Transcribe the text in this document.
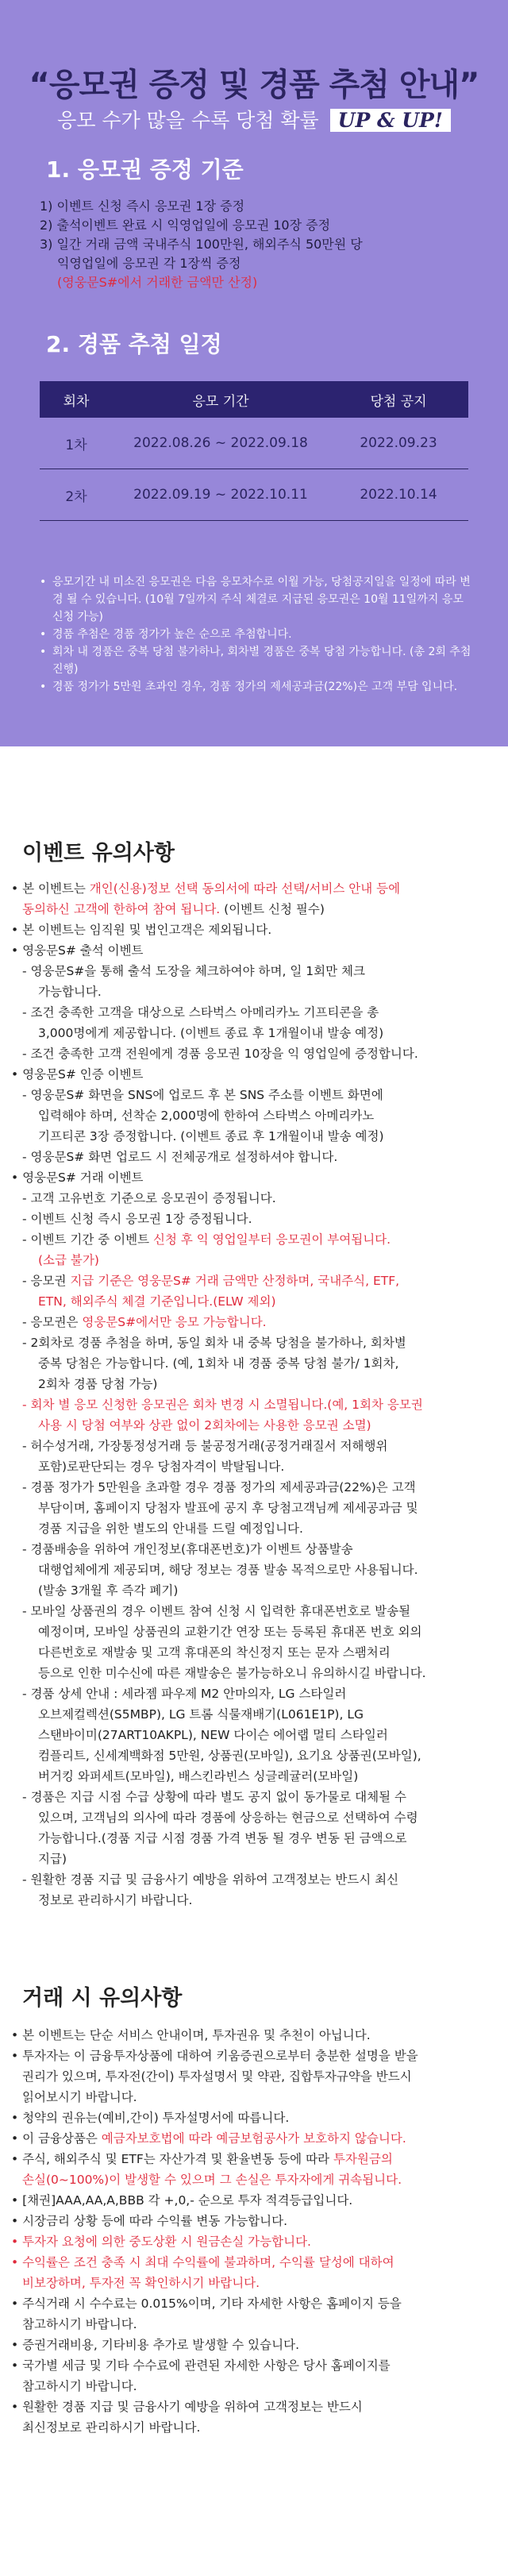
“응모권 증정 및 경품 추첨 안내”
응모 수가 많을 수록 당첨 확률 UP & UP!
1. 응모권 증정 기준
1) 이벤트 신청 즉시 응모권 1장 증정
2) 출석이벤트 완료 시 익영업일에 응모권 10장 증정
3) 일간 거래 금액 국내주식 100만원, 해외주식 50만원 당
익영업일에 응모권 각 1장씩 증정
(영웅문S#에서 거래한 금액만 산정)
2. 경품 추첨 일정
회차	응모 기간	당첨 공지
1차	2022.08.26 ~ 2022.09.18	2022.09.23
2차	2022.09.19 ~ 2022.10.11	2022.10.14
• 응모기간 내 미소진 응모권은 다음 응모차수로 이월 가능, 당첨공지일을 일정에 따라 변경 될 수 있습니다. (10월 7일까지 주식 체결로 지급된 응모권은 10월 11일까지 응모 신청 가능)
• 경품 추첨은 경품 정가가 높은 순으로 추첨합니다.
• 회차 내 경품은 중복 당첨 불가하나, 회차별 경품은 중복 당첨 가능합니다. (총 2회 추첨 진행)
• 경품 정가가 5만원 초과인 경우, 경품 정가의 제세공과금(22%)은 고객 부담 입니다.
이벤트 유의사항

• 본 이벤트는 개인(신용)정보 선택 동의서에 따라 선택/서비스 안내 등에

동의하신 고객에 한하여 참여 됩니다. (이벤트 신청 필수)

• 본 이벤트는 임직원 및 법인고객은 제외됩니다.

• 영웅문S# 출석 이벤트

- 영웅문S#을 통해 출석 도장을 체크하여야 하며, 일 1회만 체크

가능합니다.

- 조건 충족한 고객을 대상으로 스타벅스 아메리카노 기프티콘을 총

3,000명에게 제공합니다. (이벤트 종료 후 1개월이내 발송 예정)

- 조건 충족한 고객 전원에게 경품 응모권 10장을 익 영업일에 증정합니다.

• 영웅문S# 인증 이벤트

- 영웅문S# 화면을 SNS에 업로드 후 본 SNS 주소를 이벤트 화면에

입력해야 하며, 선착순 2,000명에 한하여 스타벅스 아메리카노

기프티콘 3장 증정합니다. (이벤트 종료 후 1개월이내 발송 예정)

- 영웅문S# 화면 업로드 시 전체공개로 설정하셔야 합니다.

• 영웅문S# 거래 이벤트

- 고객 고유번호 기준으로 응모권이 증정됩니다.

- 이벤트 신청 즉시 응모권 1장 증정됩니다.

- 이벤트 기간 중 이벤트 신청 후 익 영업일부터 응모권이 부여됩니다.

(소급 불가)

- 응모권 지급 기준은 영웅문S# 거래 금액만 산정하며, 국내주식, ETF,

ETN, 해외주식 체결 기준입니다.(ELW 제외)

- 응모권은 영웅문S#에서만 응모 가능합니다.

- 2회차로 경품 추첨을 하며, 동일 회차 내 중복 당첨을 불가하나, 회차별

중복 당첨은 가능합니다. (예, 1회차 내 경품 중복 당첨 불가/ 1회차,

2회차 경품 당첨 가능)

- 회차 별 응모 신청한 응모권은 회차 변경 시 소멸됩니다.(예, 1회차 응모권

사용 시 당첨 여부와 상관 없이 2회차에는 사용한 응모권 소멸)

- 허수성거래, 가장통정성거래 등 불공정거래(공정거래질서 저해행위

포함)로판단되는 경우 당첨자격이 박탈됩니다.

- 경품 정가가 5만원을 초과할 경우 경품 정가의 제세공과금(22%)은 고객

부담이며, 홈페이지 당첨자 발표에 공지 후 당첨고객님께 제세공과금 및

경품 지급을 위한 별도의 안내를 드릴 예정입니다.

- 경품배송을 위하여 개인정보(휴대폰번호)가 이벤트 상품발송

대행업체에게 제공되며, 해당 정보는 경품 발송 목적으로만 사용됩니다.

(발송 3개월 후 즉각 폐기)

- 모바일 상품권의 경우 이벤트 참여 신청 시 입력한 휴대폰번호로 발송될

예정이며, 모바일 상품권의 교환기간 연장 또는 등록된 휴대폰 번호 외의

다른번호로 재발송 및 고객 휴대폰의 착신정지 또는 문자 스팸처리

등으로 인한 미수신에 따른 재발송은 불가능하오니 유의하시길 바랍니다.

- 경품 상세 안내 : 세라젬 파우제 M2 안마의자, LG 스타일러

오브제컬렉션(S5MBP), LG 트롬 식물재배기(L061E1P), LG

스탠바이미(27ART10AKPL), NEW 다이슨 에어랩 멀티 스타일러

컴플리트, 신세계백화점 5만원, 상품권(모바일), 요기요 상품권(모바일),

버거킹 와퍼세트(모바일), 배스킨라빈스 싱글레귤러(모바일)

- 경품은 지급 시점 수급 상황에 따라 별도 공지 없이 동가물로 대체될 수

있으며, 고객님의 의사에 따라 경품에 상응하는 현금으로 선택하여 수령

가능합니다.(경품 지급 시점 경품 가격 변동 될 경우 변동 된 금액으로

지급)

- 원활한 경품 지급 및 금융사기 예방을 위하여 고객정보는 반드시 최신

정보로 관리하시기 바랍니다.

거래 시 유의사항

• 본 이벤트는 단순 서비스 안내이며, 투자권유 및 추천이 아닙니다.

• 투자자는 이 금융투자상품에 대하여 키움증권으로부터 충분한 설명을 받을

권리가 있으며, 투자전(간이) 투자설명서 및 약관, 집합투자규약을 반드시

읽어보시기 바랍니다.

• 청약의 권유는(예비,간이) 투자설명서에 따릅니다.

• 이 금융상품은 예금자보호법에 따라 예금보험공사가 보호하지 않습니다.

• 주식, 해외주식 및 ETF는 자산가격 및 환율변동 등에 따라 투자원금의

손실(0~100%)이 발생할 수 있으며 그 손실은 투자자에게 귀속됩니다.

• [채권]AAA,AA,A,BBB 각 +,0,- 순으로 투자 적격등급입니다.

• 시장금리 상황 등에 따라 수익률 변동 가능합니다.

• 투자자 요청에 의한 중도상환 시 원금손실 가능합니다.

• 수익률은 조건 충족 시 최대 수익률에 불과하며, 수익률 달성에 대하여

비보장하며, 투자전 꼭 확인하시기 바랍니다.

• 주식거래 시 수수료는 0.015%이며, 기타 자세한 사항은 홈페이지 등을

참고하시기 바랍니다.

• 증권거래비용, 기타비용 추가로 발생할 수 있습니다.

• 국가별 세금 및 기타 수수료에 관련된 자세한 사항은 당사 홈페이지를

참고하시기 바랍니다.

• 원활한 경품 지급 및 금융사기 예방을 위하여 고객정보는 반드시

최신정보로 관리하시기 바랍니다.
